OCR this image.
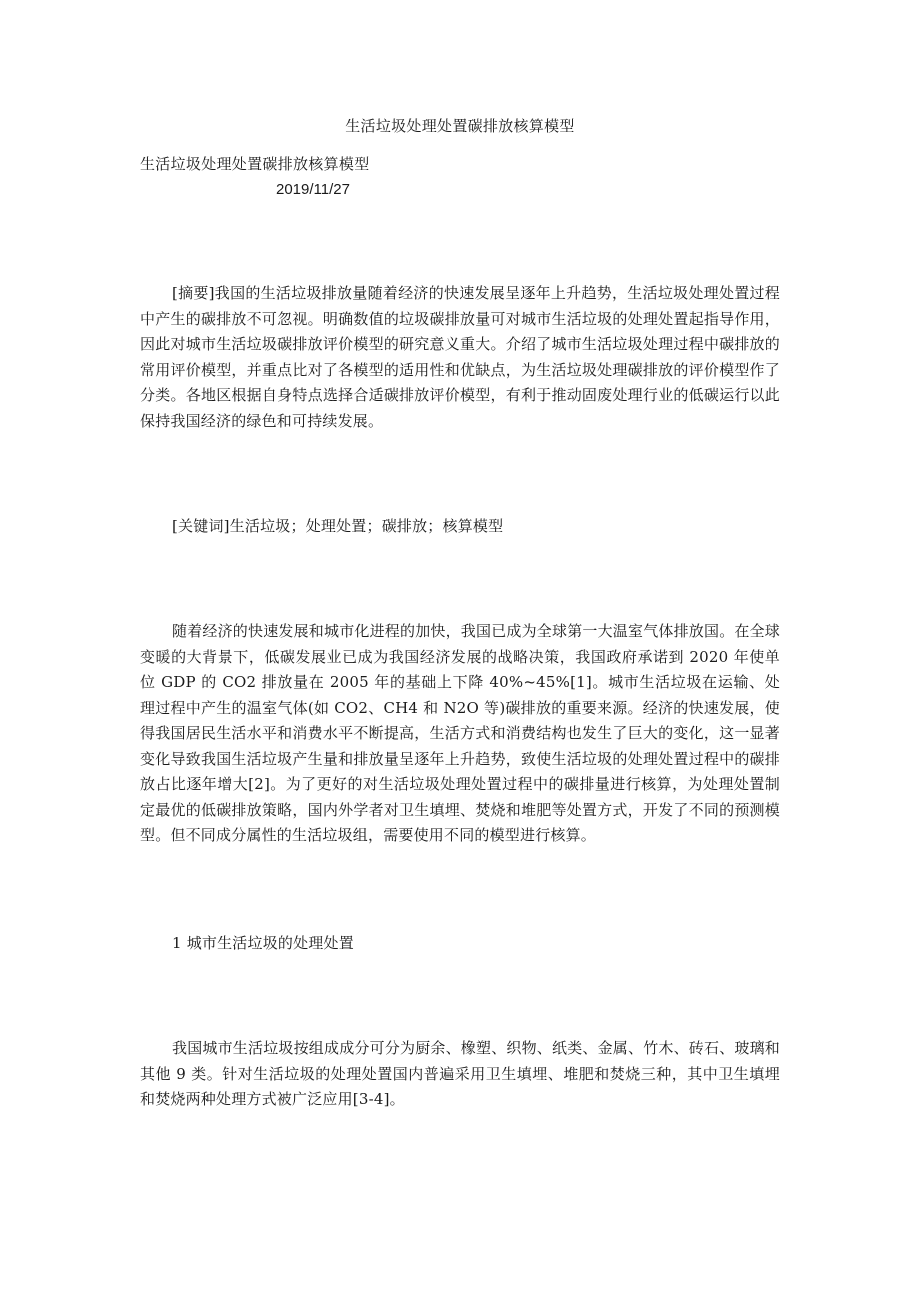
生活垃圾处理处置碳排放核算模型
生活垃圾处理处置碳排放核算模型
2019/11/27

[摘要]我国的生活垃圾排放量随着经济的快速发展呈逐年上升趋势，生活垃圾处理处置过程中产生的碳排放不可忽视。明确数值的垃圾碳排放量可对城市生活垃圾的处理处置起指导作用，因此对城市生活垃圾碳排放评价模型的研究意义重大。介绍了城市生活垃圾处理过程中碳排放的常用评价模型，并重点比对了各模型的适用性和优缺点，为生活垃圾处理碳排放的评价模型作了分类。各地区根据自身特点选择合适碳排放评价模型，有利于推动固废处理行业的低碳运行以此保持我国经济的绿色和可持续发展。

[关键词]生活垃圾；处理处置；碳排放；核算模型

随着经济的快速发展和城市化进程的加快，我国已成为全球第一大温室气体排放国。在全球变暖的大背景下，低碳发展业已成为我国经济发展的战略决策，我国政府承诺到 2020 年使单位 GDP 的 CO2 排放量在 2005 年的基础上下降 40%~45%[1]。城市生活垃圾在运输、处理过程中产生的温室气体(如 CO2、CH4 和 N2O 等)碳排放的重要来源。经济的快速发展，使得我国居民生活水平和消费水平不断提高，生活方式和消费结构也发生了巨大的变化，这一显著变化导致我国生活垃圾产生量和排放量呈逐年上升趋势，致使生活垃圾的处理处置过程中的碳排放占比逐年增大[2]。为了更好的对生活垃圾处理处置过程中的碳排量进行核算，为处理处置制定最优的低碳排放策略，国内外学者对卫生填埋、焚烧和堆肥等处置方式，开发了不同的预测模型。但不同成分属性的生活垃圾组，需要使用不同的模型进行核算。

1 城市生活垃圾的处理处置

我国城市生活垃圾按组成成分可分为厨余、橡塑、织物、纸类、金属、竹木、砖石、玻璃和其他 9 类。针对生活垃圾的处理处置国内普遍采用卫生填埋、堆肥和焚烧三种，其中卫生填埋和焚烧两种处理方式被广泛应用[3-4]。
